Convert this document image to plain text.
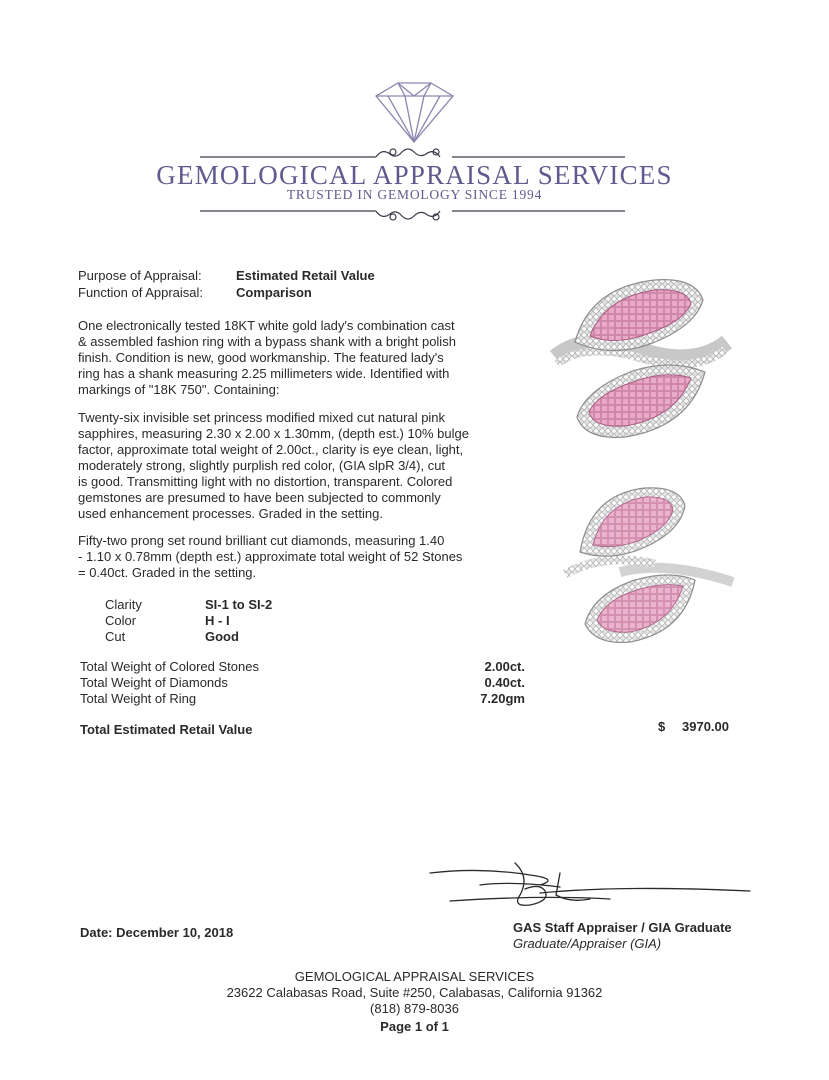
GEMOLOGICAL APPRAISAL SERVICES
TRUSTED IN GEMOLOGY SINCE 1994
Purpose of Appraisal:	Estimated Retail Value
Function of Appraisal:	Comparison
One electronically tested 18KT white gold lady's combination cast
& assembled fashion ring with a bypass shank with a bright polish
finish. Condition is new, good workmanship. The featured lady's
ring has a shank measuring 2.25 millimeters wide. Identified with
markings of "18K 750". Containing:
Twenty-six invisible set princess modified mixed cut natural pink
sapphires, measuring 2.30 x 2.00 x 1.30mm, (depth est.) 10% bulge
factor, approximate total weight of 2.00ct., clarity is eye clean, light,
moderately strong, slightly purplish red color, (GIA slpR 3/4), cut
is good. Transmitting light with no distortion, transparent. Colored
gemstones are presumed to have been subjected to commonly
used enhancement processes. Graded in the setting.
Fifty-two prong set round brilliant cut diamonds, measuring 1.40
- 1.10 x 0.78mm (depth est.) approximate total weight of 52 Stones
= 0.40ct. Graded in the setting.
Clarity	SI-1 to SI-2
Color	H - I
Cut	Good
Total Weight of Colored Stones	2.00ct.
Total Weight of Diamonds	0.40ct.
Total Weight of Ring	7.20gm
Total Estimated Retail Value	$ 3970.00
Date: December 10, 2018	GAS Staff Appraiser / GIA Graduate
Graduate/Appraiser (GIA)
GEMOLOGICAL APPRAISAL SERVICES
23622 Calabasas Road, Suite #250, Calabasas, California 91362
(818) 879-8036
Page 1 of 1
